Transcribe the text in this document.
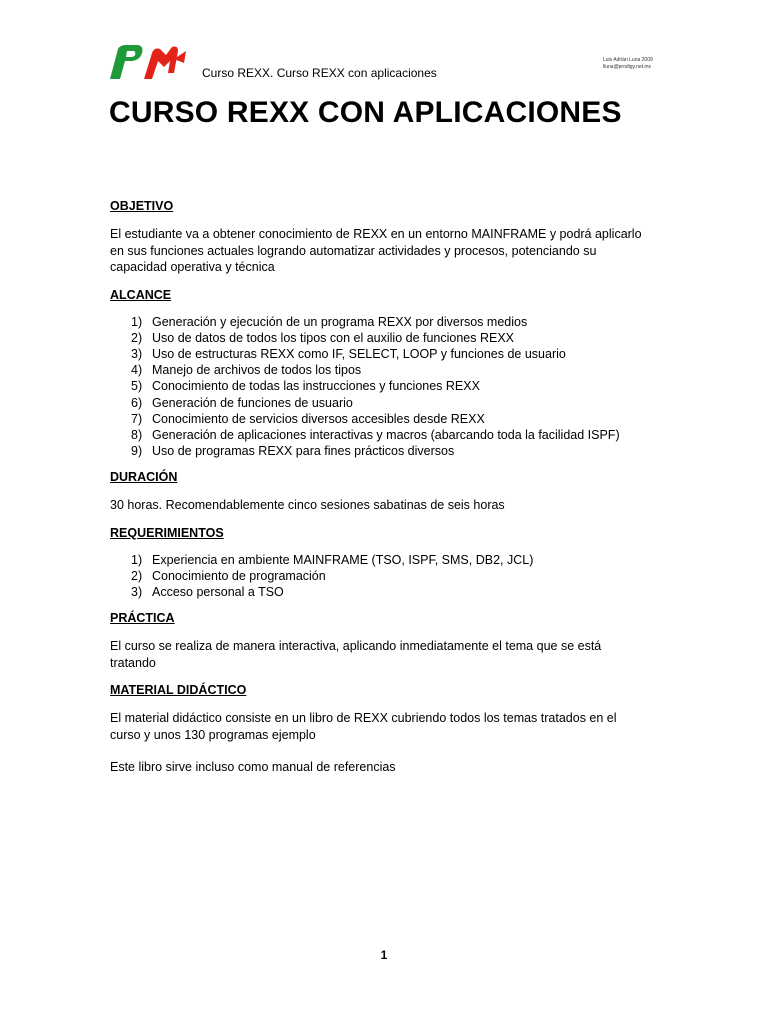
Curso REXX. Curso REXX con aplicaciones
Luis Adrián Luna 2009
lluna@prodigy.net.mx
CURSO REXX CON APLICACIONES

OBJETIVO

El estudiante va a obtener conocimiento de REXX en un entorno MAINFRAME y podrá aplicarlo

en sus funciones actuales logrando automatizar actividades y procesos, potenciando su

capacidad operativa y técnica

ALCANCE

1) Generación y ejecución de un programa REXX por diversos medios
2) Uso de datos de todos los tipos con el auxilio de funciones REXX
3) Uso de estructuras REXX como IF, SELECT, LOOP y funciones de usuario
4) Manejo de archivos de todos los tipos
5) Conocimiento de todas las instrucciones y funciones REXX
6) Generación de funciones de usuario
7) Conocimiento de servicios diversos accesibles desde REXX
8) Generación de aplicaciones interactivas y macros (abarcando toda la facilidad ISPF)
9) Uso de programas REXX para fines prácticos diversos

DURACIÓN

30 horas. Recomendablemente cinco sesiones sabatinas de seis horas

REQUERIMIENTOS

1) Experiencia en ambiente MAINFRAME (TSO, ISPF, SMS, DB2, JCL)
2) Conocimiento de programación
3) Acceso personal a TSO

PRÁCTICA

El curso se realiza de manera interactiva, aplicando inmediatamente el tema que se está

tratando

MATERIAL DIDÁCTICO

El material didáctico consiste en un libro de REXX cubriendo todos los temas tratados en el

curso y unos 130 programas ejemplo

Este libro sirve incluso como manual de referencias

1
